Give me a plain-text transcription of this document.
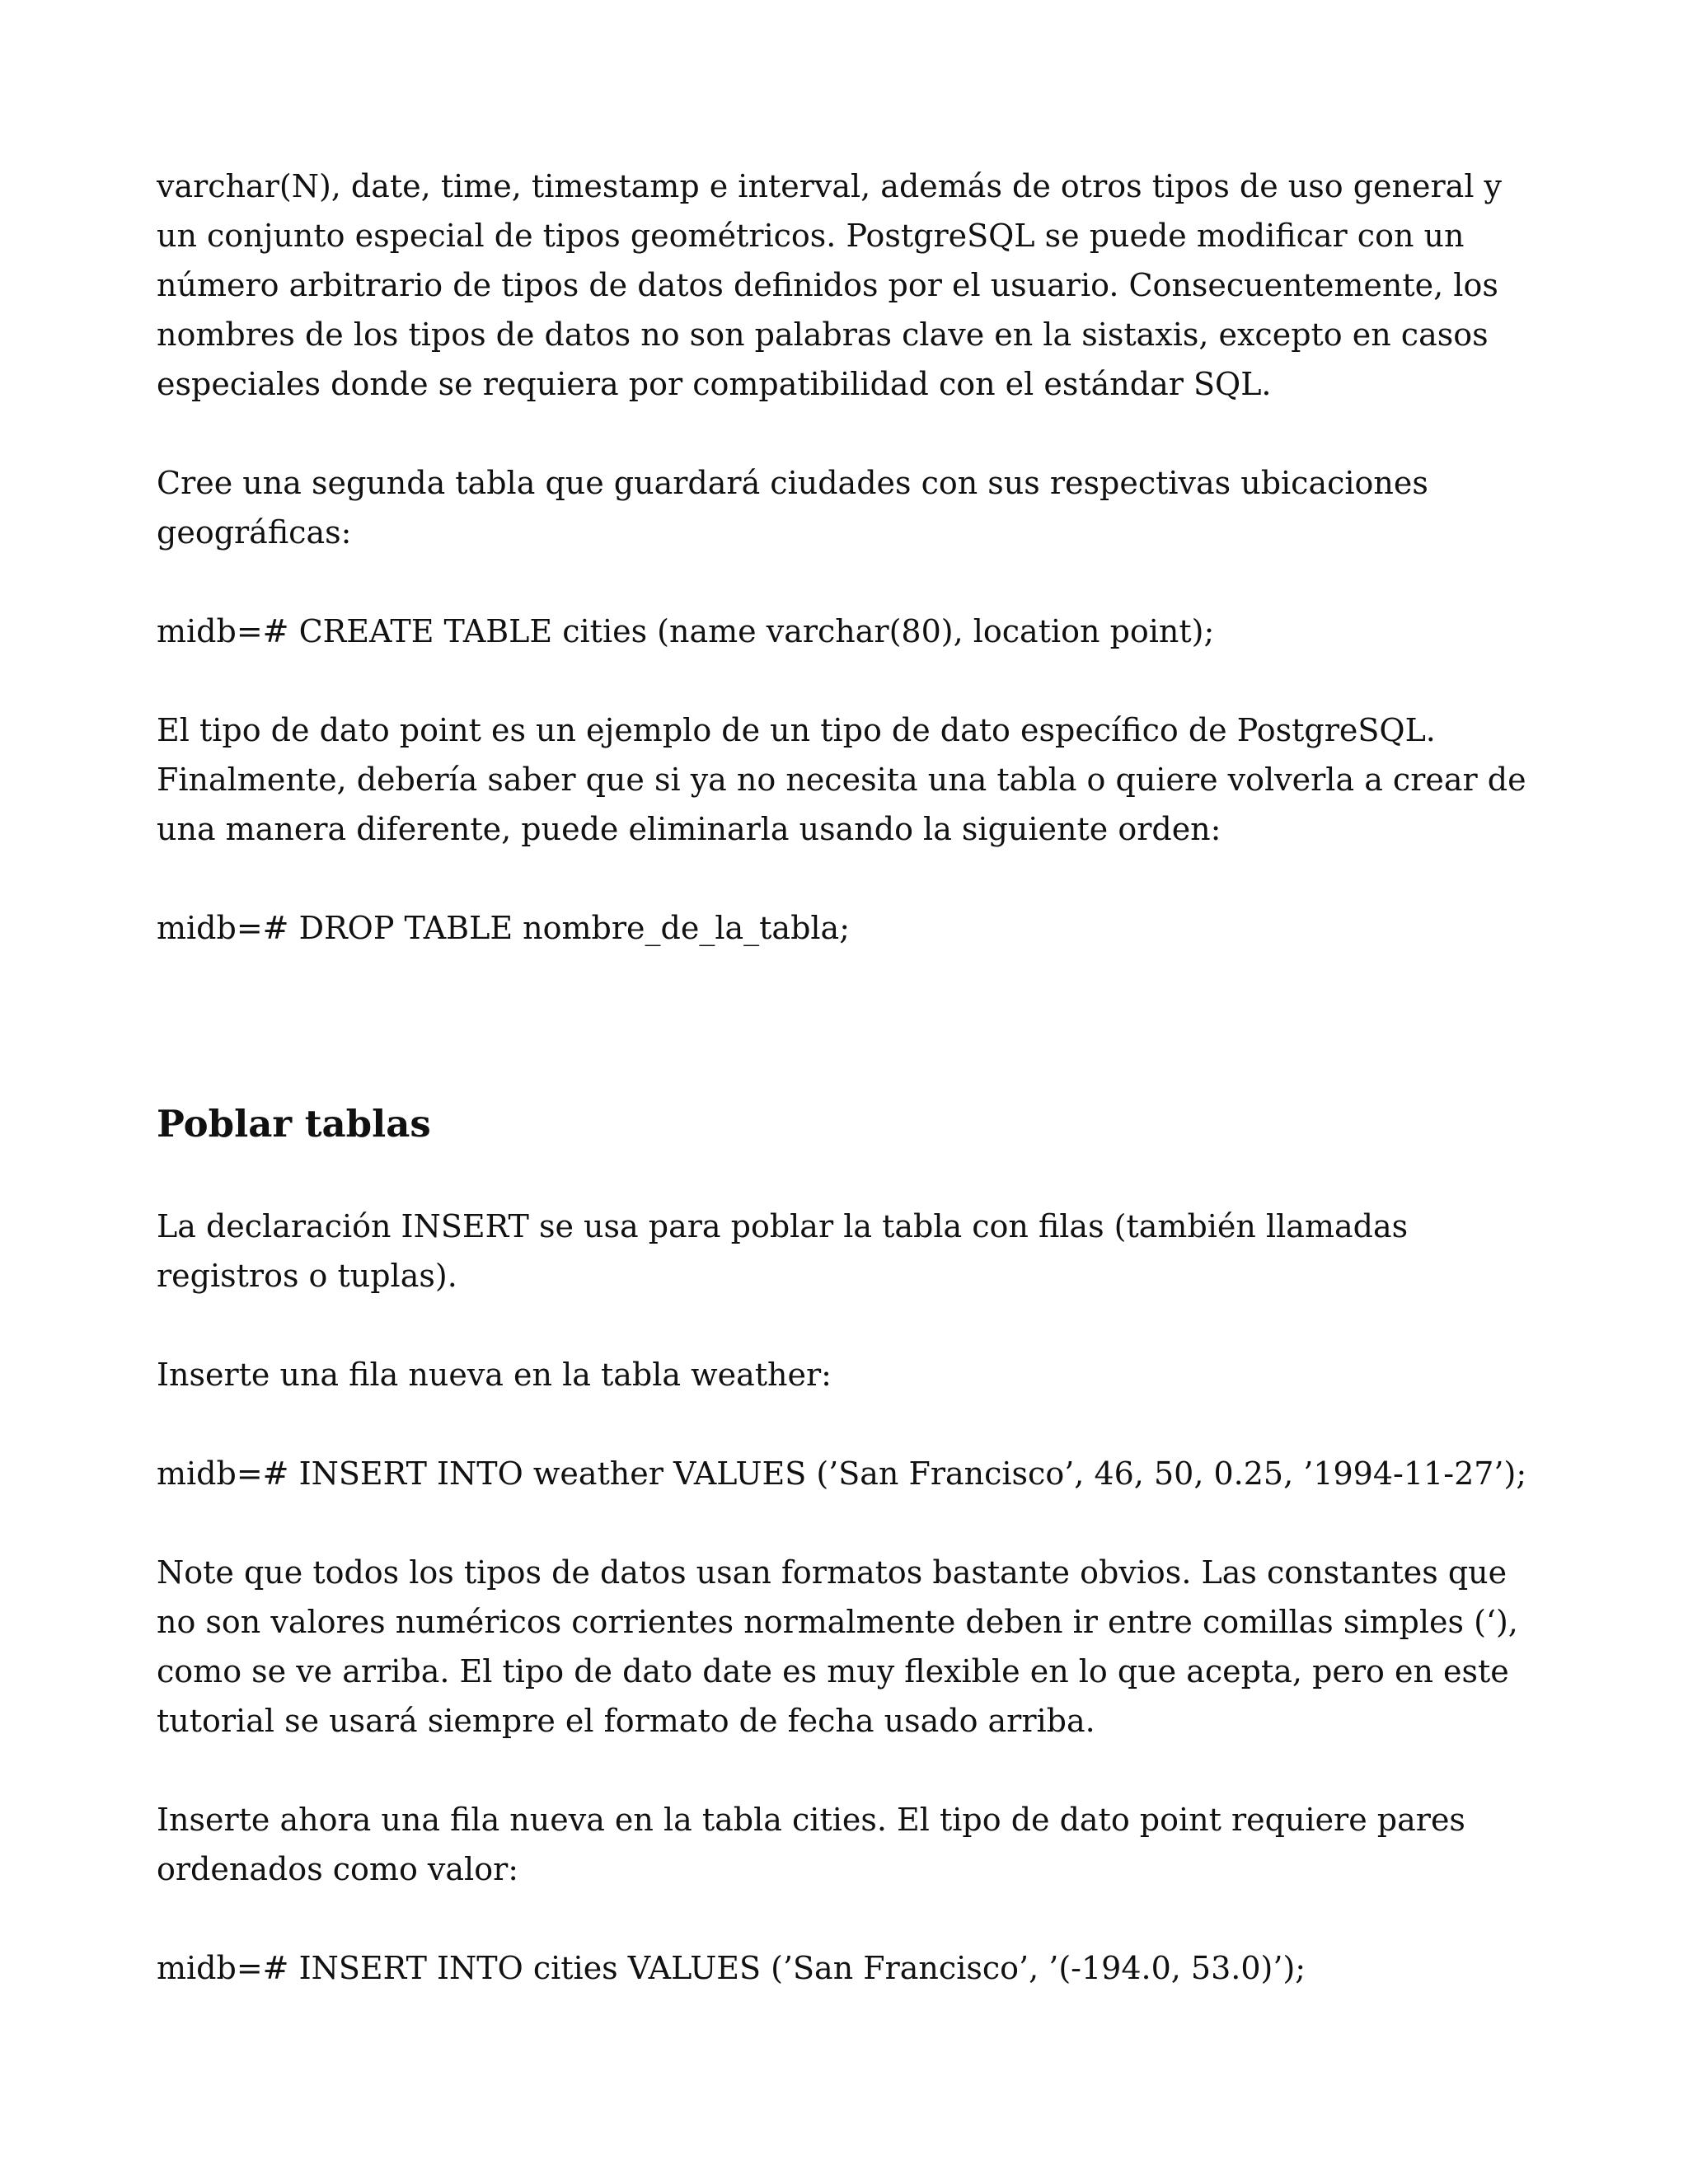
varchar(N), date, time, timestamp e interval, además de otros tipos de uso general y un conjunto especial de tipos geométricos. PostgreSQL se puede modificar con un número arbitrario de tipos de datos definidos por el usuario. Consecuentemente, los nombres de los tipos de datos no son palabras clave en la sistaxis, excepto en casos especiales donde se requiera por compatibilidad con el estándar SQL.

Cree una segunda tabla que guardará ciudades con sus respectivas ubicaciones geográficas:

midb=# CREATE TABLE cities (name varchar(80), location point);

El tipo de dato point es un ejemplo de un tipo de dato específico de PostgreSQL. Finalmente, debería saber que si ya no necesita una tabla o quiere volverla a crear de una manera diferente, puede eliminarla usando la siguiente orden:

midb=# DROP TABLE nombre_de_la_tabla;

Poblar tablas

La declaración INSERT se usa para poblar la tabla con filas (también llamadas registros o tuplas).

Inserte una fila nueva en la tabla weather:

midb=# INSERT INTO weather VALUES (’San Francisco’, 46, 50, 0.25, ’1994-11-27’);

Note que todos los tipos de datos usan formatos bastante obvios. Las constantes que no son valores numéricos corrientes normalmente deben ir entre comillas simples (‘), como se ve arriba. El tipo de dato date es muy flexible en lo que acepta, pero en este tutorial se usará siempre el formato de fecha usado arriba.

Inserte ahora una fila nueva en la tabla cities. El tipo de dato point requiere pares ordenados como valor:

midb=# INSERT INTO cities VALUES (’San Francisco’, ’(-194.0, 53.0)’);
